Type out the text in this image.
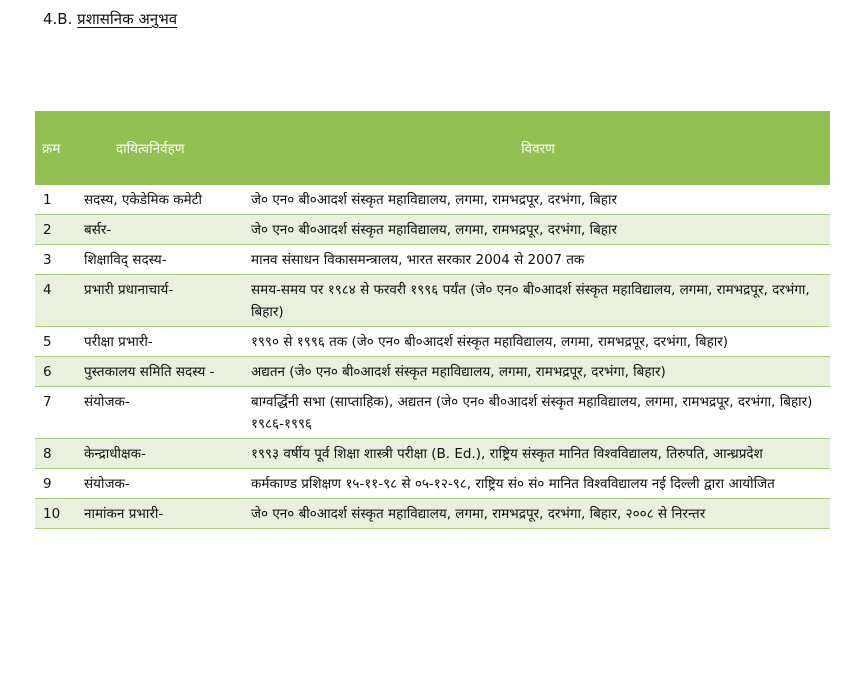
4.B. प्रशासनिक अनुभव
क्रम	दायित्वनिर्वहण	विवरण
1	सदस्य, एकेडेमिक कमेटी	जे० एन० बी०आदर्श संस्कृत महाविद्यालय, लगमा, रामभद्रपूर, दरभंगा, बिहार
2	बर्सर-	जे० एन० बी०आदर्श संस्कृत महाविद्यालय, लगमा, रामभद्रपूर, दरभंगा, बिहार
3	शिक्षाविद् सदस्य-	मानव संसाधन विकासमन्त्रालय, भारत सरकार 2004 से 2007 तक
4	प्रभारी प्रधानाचार्य-	समय-समय पर १९८४ से फरवरी १९९६ पर्यंत (जे० एन० बी०आदर्श संस्कृत महाविद्यालय, लगमा, रामभद्रपूर, दरभंगा, बिहार)
5	परीक्षा प्रभारी-	१९९० से १९९६ तक (जे० एन० बी०आदर्श संस्कृत महाविद्यालय, लगमा, रामभद्रपूर, दरभंगा, बिहार)
6	पुस्तकालय समिति सदस्य -	अद्यतन (जे० एन० बी०आदर्श संस्कृत महाविद्यालय, लगमा, रामभद्रपूर, दरभंगा, बिहार)
7	संयोजक-	बाग्वर्द्धिनी सभा (साप्ताहिक), अद्यतन (जे० एन० बी०आदर्श संस्कृत महाविद्यालय, लगमा, रामभद्रपूर, दरभंगा, बिहार) १९८६-१९९६
8	केन्द्राधीक्षक-	१९९३ वर्षीय पूर्व शिक्षा शास्त्री परीक्षा (B. Ed.), राष्ट्रिय संस्कृत मानित विश्वविद्यालय, तिरुपति, आन्ध्रप्रदेश
9	संयोजक-	कर्मकाण्ड प्रशिक्षण १५-११-९८ से ०५-१२-९८, राष्ट्रिय सं० सं० मानित विश्वविद्यालय नई दिल्ली द्वारा आयोजित
10	नामांकन प्रभारी-	जे० एन० बी०आदर्श संस्कृत महाविद्यालय, लगमा, रामभद्रपूर, दरभंगा, बिहार, २००८ से निरन्तर
